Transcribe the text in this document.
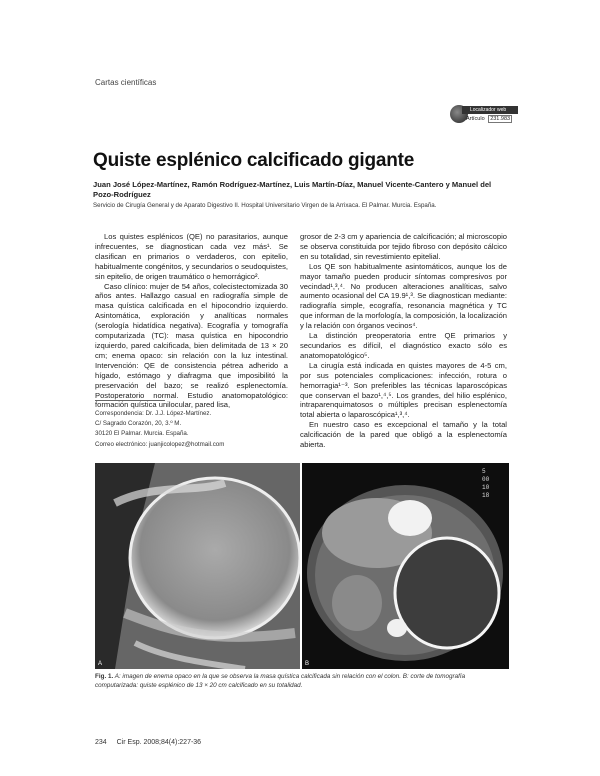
Cartas científicas
Localizador web
Artículo 231.983
Quiste esplénico calcificado gigante
Juan José López-Martínez, Ramón Rodríguez-Martínez, Luis Martín-Díaz, Manuel Vicente-Cantero y Manuel del Pozo-Rodríguez
Servicio de Cirugía General y de Aparato Digestivo II. Hospital Universitario Virgen de la Arrixaca. El Palmar. Murcia. España.

Los quistes esplénicos (QE) no parasitarios, aunque infrecuentes, se diagnostican cada vez más¹. Se clasifican en primarios o verdaderos, con epitelio, habitualmente congénitos, y secundarios o seudoquistes, sin epitelio, de origen traumático o hemorrágico².

Caso clínico: mujer de 54 años, colecistectomizada 30 años antes. Hallazgo casual en radiografía simple de masa quística calcificada en el hipocondrio izquierdo. Asintomática, exploración y analíticas normales (serología hidatídica negativa). Ecografía y tomografía computarizada (TC): masa quística en hipocondrio izquierdo, pared calcificada, bien delimitada de 13 × 20 cm; enema opaco: sin relación con la luz intestinal. Intervención: QE de consistencia pétrea adherido a hígado, estómago y diafragma que imposibilitó la preservación del bazo; se realizó esplenectomía. Postoperatorio normal. Estudio anatomopatológico: formación quística unilocular, pared lisa,

grosor de 2-3 cm y apariencia de calcificación; al microscopio se observa constituida por tejido fibroso con depósito cálcico en su totalidad, sin revestimiento epitelial.

Los QE son habitualmente asintomáticos, aunque los de mayor tamaño pueden producir síntomas compresivos por vecindad¹,³,⁴. No producen alteraciones analíticas, salvo aumento ocasional del CA 19.9¹,³. Se diagnostican mediante: radiografía simple, ecografía, resonancia magnética y TC que informan de la morfología, la composición, la localización y la relación con órganos vecinos⁴.

La distinción preoperatoria entre QE primarios y secundarios es difícil, el diagnóstico exacto sólo es anatomopatológico⁵.

La cirugía está indicada en quistes mayores de 4-5 cm, por sus potenciales complicaciones: infección, rotura o hemorragia¹⁻³. Son preferibles las técnicas laparoscópicas que conservan el bazo¹,⁴,⁵. Los grandes, del hilio esplénico, intraparenquimatosos o múltiples precisan esplenectomía total abierta o laparoscópica¹,³,⁴.

En nuestro caso es excepcional el tamaño y la total calcificación de la pared que obligó a la esplenectomía abierta.

Correspondencia: Dr. J.J. López-Martínez.
C/ Sagrado Corazón, 20, 3.º M.
30120 El Palmar. Murcia. España.
Correo electrónico: juanjicolopez@hotmail.com
A
5
00
10
18
B
Fig. 1. A: imagen de enema opaco en la que se observa la masa quística calcificada sin relación con el colon. B: corte de tomografía computarizada: quiste esplénico de 13 × 20 cm calcificado en su totalidad.
234 Cir Esp. 2008;84(4):227-36
